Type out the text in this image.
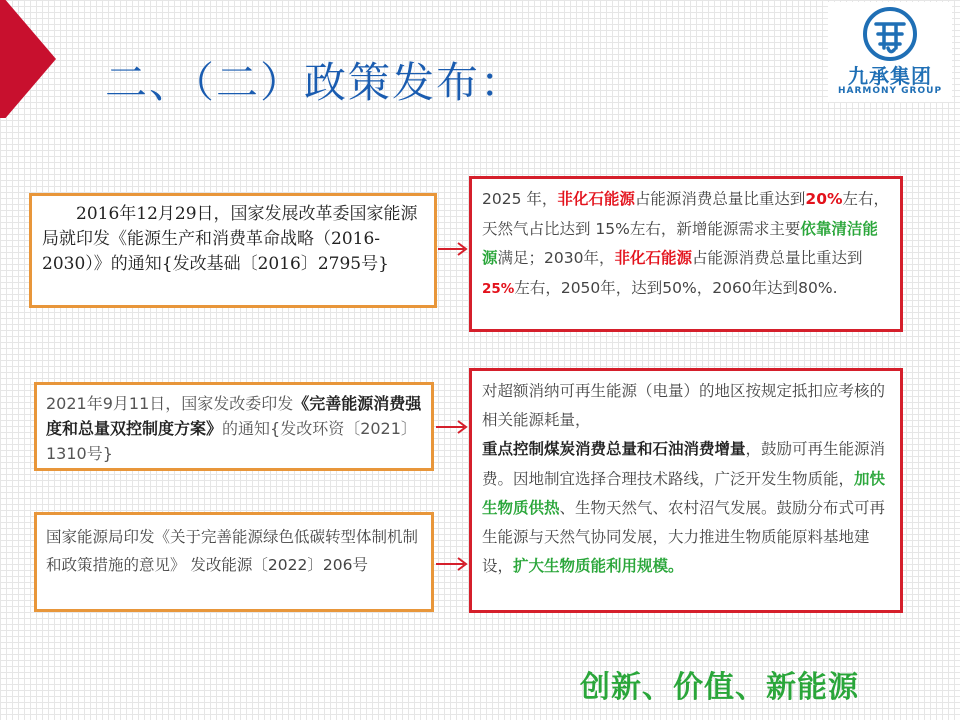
二、（二）政策发布：	九承集团
HARMONY GROUP

2016年12月29日，国家发展改革委国家能源局就印发《能源生产和消费革命战略（2016-2030）》的通知{发改基础〔2016〕2795号}

2021年9月11日，国家发改委印发《完善能源消费强度和总量双控制度方案》的通知{发改环资〔2021〕1310号}

国家能源局印发《关于完善能源绿色低碳转型体制机制和政策措施的意见》 发改能源〔2022〕206号

2025 年，非化石能源占能源消费总量比重达到20%左右，天然气占比达到 15%左右，新增能源需求主要依靠清洁能源满足；2030年，非化石能源占能源消费总量比重达到25%左右，2050年，达到50%，2060年达到80%.

对超额消纳可再生能源（电量）的地区按规定抵扣应考核的相关能源耗量，
重点控制煤炭消费总量和石油消费增量，鼓励可再生能源消费。因地制宜选择合理技术路线，广泛开发生物质能，加快生物质供热、生物天然气、农村沼气发展。鼓励分布式可再生能源与天然气协同发展，大力推进生物质能原料基地建设，扩大生物质能利用规模。

创新、价值、新能源
